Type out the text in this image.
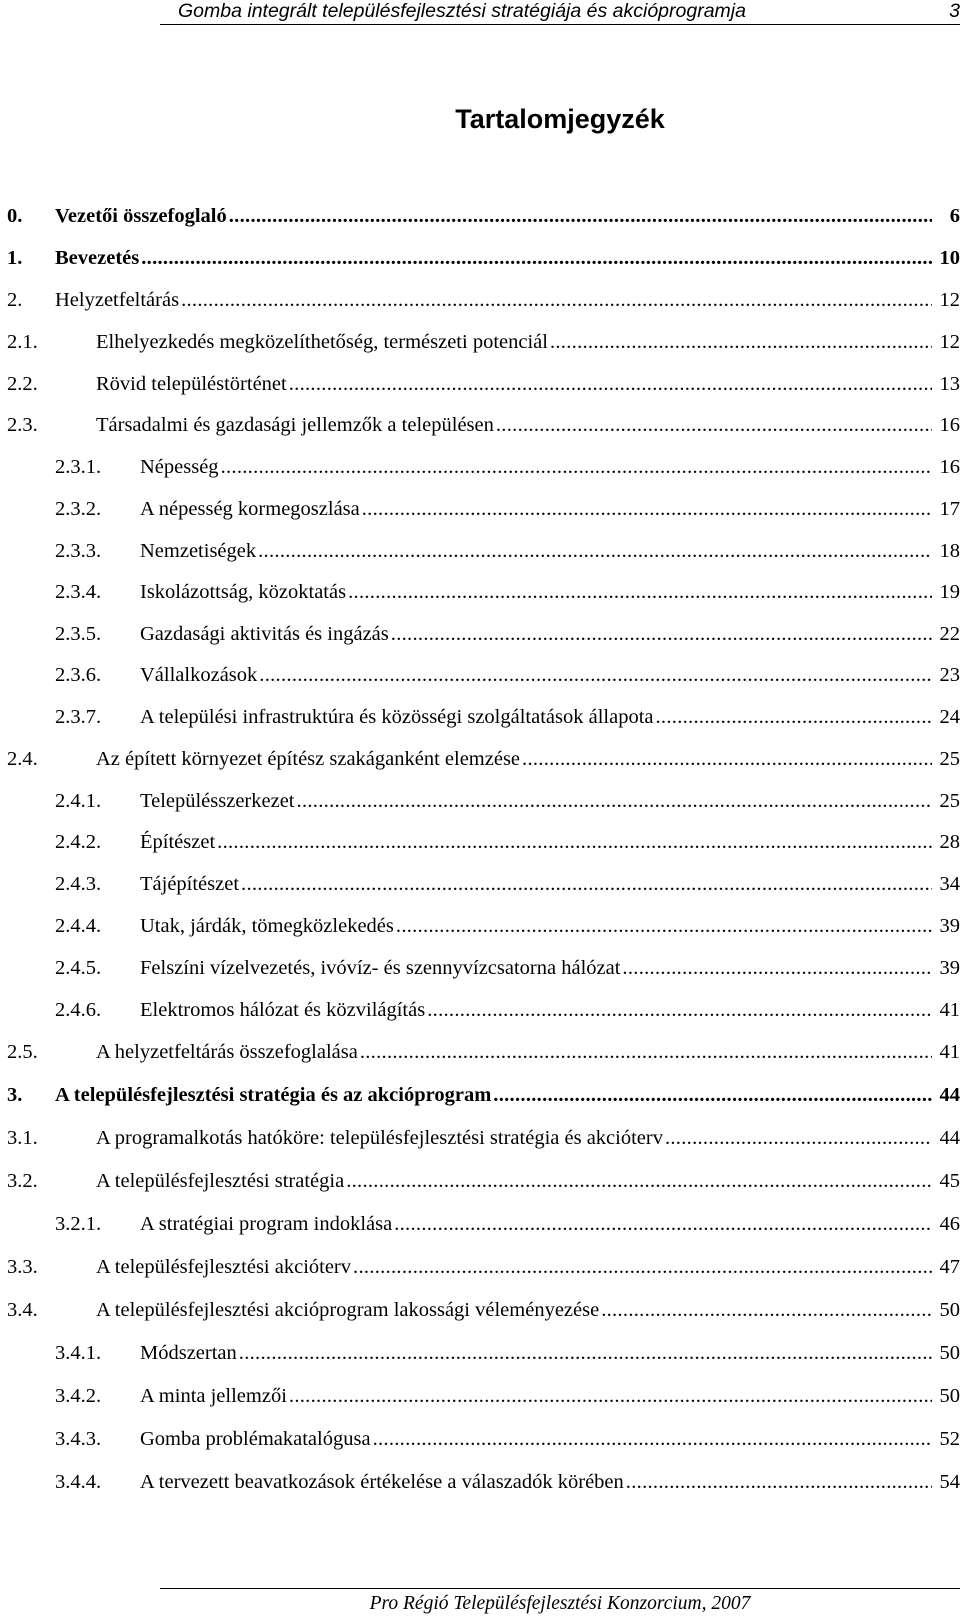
Gomba integrált településfejlesztési stratégiája és akcióprogramja	3
Tartalomjegyzék
0. Vezetői összefoglaló .....	6
1. Bevezetés .....	10
2. Helyzetfeltárás .....	12
2.1.	Elhelyezkedés megközelíthetőség, természeti potenciál .....	12
2.2.	Rövid településtörténet .....	13
2.3.	Társadalmi és gazdasági jellemzők a településen .....	16
2.3.1. Népesség .....	16
2.3.2. A népesség kormegoszlása .....	17
2.3.3. Nemzetiségek .....	18
2.3.4. Iskolázottság, közoktatás .....	19
2.3.5. Gazdasági aktivitás és ingázás .....	22
2.3.6. Vállalkozások .....	23
2.3.7. A települési infrastruktúra és közösségi szolgáltatások állapota .....	24
2.4.	Az épített környezet építész szakáganként elemzése .....	25
2.4.1. Településszerkezet .....	25
2.4.2. Építészet .....	28
2.4.3. Tájépítészet .....	34
2.4.4. Utak, járdák, tömegközlekedés .....	39
2.4.5. Felszíni vízelvezetés, ivóvíz- és szennyvízcsatorna hálózat .....	39
2.4.6. Elektromos hálózat és közvilágítás .....	41
2.5.	A helyzetfeltárás összefoglalása .....	41
3. A településfejlesztési stratégia és az akcióprogram .....	44
3.1.	A programalkotás hatóköre: településfejlesztési stratégia és akcióterv .....	44
3.2.	A településfejlesztési stratégia .....	45
3.2.1. A stratégiai program indoklása .....	46
3.3.	A településfejlesztési akcióterv .....	47
3.4.	A településfejlesztési akcióprogram lakossági véleményezése .....	50
3.4.1. Módszertan .....	50
3.4.2. A minta jellemzői .....	50
3.4.3. Gomba problémakatalógusa .....	52
3.4.4. A tervezett beavatkozások értékelése a válaszadók körében .....	54
Pro Régió Településfejlesztési Konzorcium, 2007
